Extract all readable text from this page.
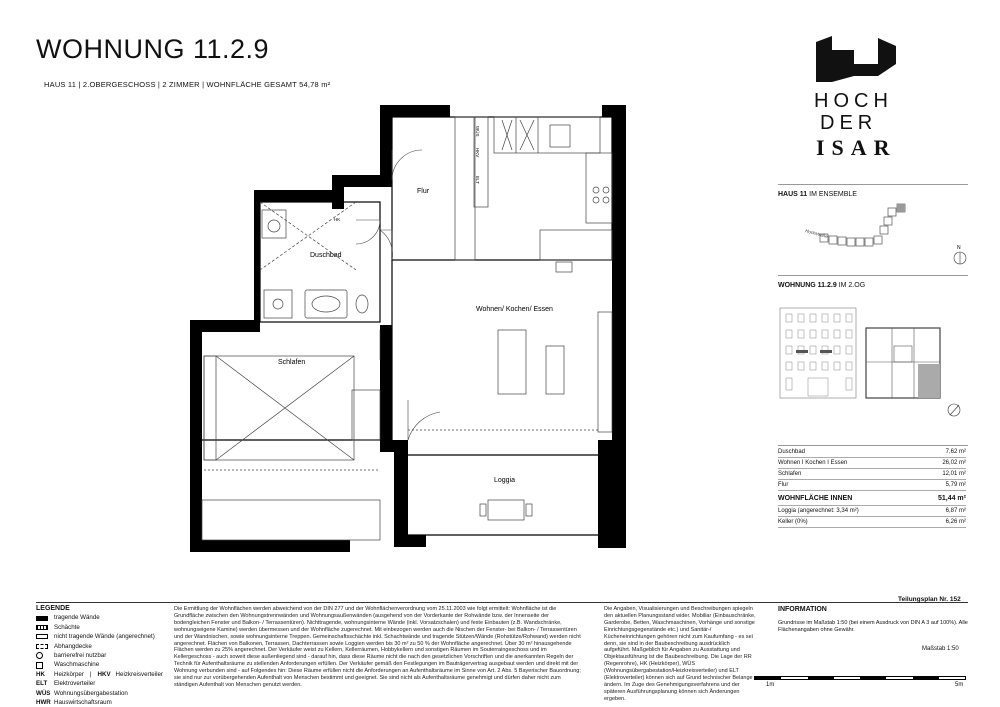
WOHNUNG 11.2.9
HAUS 11 | 2.OBERGESCHOSS | 2 ZIMMER | WOHNFLÄCHE GESAMT 54,78 m²
HOCH
DER
ISAR
HAUS 11 IM ENSEMBLE
Hochstraße
N
WOHNUNG 11.2.9 IM 2.OG
Duschbad	7,62 m²
Wohnen I Kochen I Essen	26,02 m²
Schlafen	12,01 m²
Flur	5,79 m²
WOHNFLÄCHE INNEN	51,44 m²
Loggia (angerechnet: 3,34 m²)	6,87 m²
Keller (0%)	6,26 m²
WÜS
HKV
ELT
HK
Flur
Duschbad
Wohnen/ Kochen/ Essen
Schlafen
Loggia
Teilungsplan Nr. 152
LEGENDE
tragende Wände
Schächte
nicht tragende Wände (angerechnet)
Abhangdecke
barrierefrei nutzbar
Waschmaschine
HK	Heizkörper | HKV Heizkreisverteiler
ELT	Elektroverteiler
WÜS Wohnungsübergabestation
HWR Hauswirtschaftsraum
Die Ermittlung der Wohnflächen werden abweichend von der DIN 277 und der Wohnflächenverordnung vom 25.11.2003 wie folgt ermittelt: Wohnfläche ist die Grundfläche zwischen den Wohnungstrennwänden und Wohnungsaußenwänden (ausgehend von der Vorderkante der Rohwände bzw. der Innenseite der bodengleichen Fenster und Balkon- / Terrassentüren). Nichttragende, wohnungsinterne Wände (inkl. Vorsatzschalen) und feste Einbauten (z.B. Wandschränke, wohnungseigene Kamine) werden übermessen und der Wohnfläche zugerechnet. Mit einbezogen werden auch die Nischen der Fenster- bei Balkon- / Terrassentüren und der Wandnischen, sowie wohnungsinterne Treppen. Gemeinschaftsschächte inkl. Schachtwände und tragende Stützen/Wände (Rohstütze/Rohwand) werden nicht angerechnet. Flächen von Balkonen, Terrassen, Dachterrassen sowie Loggien werden bis 30 m² zu 50 % der Wohnfläche angerechnet. Über 30 m² hinausgehende Flächen werden zu 25% angerechnet. Der Verkäufer weist zu Kellern, Kellerräumen, Hobbykellern und sonstigen Räumen im Souterraingeschoss und im Kellergeschoss - auch soweit diese außenliegend sind - darauf hin, dass diese Räume nicht die nach den gesetzlichen Vorschriften und die anerkannten Regeln der Technik für Aufenthaltsräume zu stellenden Anforderungen erfüllen. Der Verkäufer gemäß den Festlegungen im Bauträgervertrag ausgebaut werden und direkt mit der Wohnung verbunden sind - auf Folgendes hin: Diese Räume erfüllen nicht die Anforderungen an Aufenthaltsräume im Sinne von Art. 2 Abs. 5 Bayerischer Bauordnung; sie sind nur zur vorübergehenden Aufenthalt von Menschen bestimmt und geeignet. Sie sind nicht als Aufenthaltsräume genehmigt und dürfen daher nicht zum ständigen Aufenthalt von Menschen genutzt werden.
Die Angaben, Visualisierungen und Beschreibungen spiegeln den aktuellen Planungsstand wider. Mobiliar (Einbauschränke, Garderobe, Betten, Waschmaschinen, Vorhänge und sonstige Einrichtungsgegenstände etc.) und Sanitär-/ Kücheneinrichtungen gehören nicht zum Kaufumfang - es sei denn, sie sind in der Baubeschreibung ausdrücklich aufgeführt. Maßgeblich für Angaben zu Ausstattung und Objektausführung ist die Baubeschreibung. Die Lage der RR (Regenrohre), HK (Heizkörper), WÜS (Wohnungsübergabestation/Heizkreisverteiler) und ELT (Elektroverteiler) können sich auf Grund technischer Belange ändern. Im Zuge des Genehmigungsverfahrens und der späteren Ausführungsplanung können sich Änderungen ergeben.
INFORMATION
Grundrisse im Maßstab 1:50 (bei einem Ausdruck von DIN A 3 auf 100%). Alle Flächenangaben ohne Gewähr.
Maßstab 1:50
1m	5m
